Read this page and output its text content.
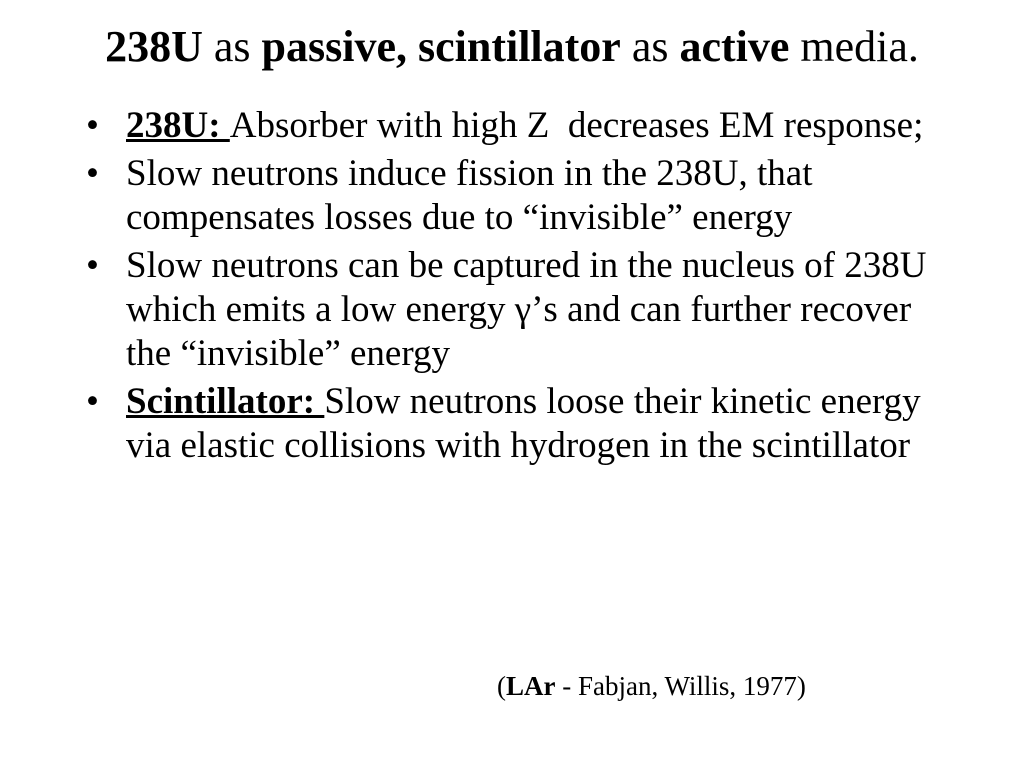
238U as passive, scintillator as active media.
• 238U: Absorber with high Z  decreases EM response;
• Slow neutrons induce fission in the 238U, that compensates losses due to “invisible” energy
• Slow neutrons can be captured in the nucleus of 238U which emits a low energy γ’s and can further recover the “invisible” energy
• Scintillator: Slow neutrons loose their kinetic energy via elastic collisions with hydrogen in the scintillator
(LAr - Fabjan, Willis, 1977)
